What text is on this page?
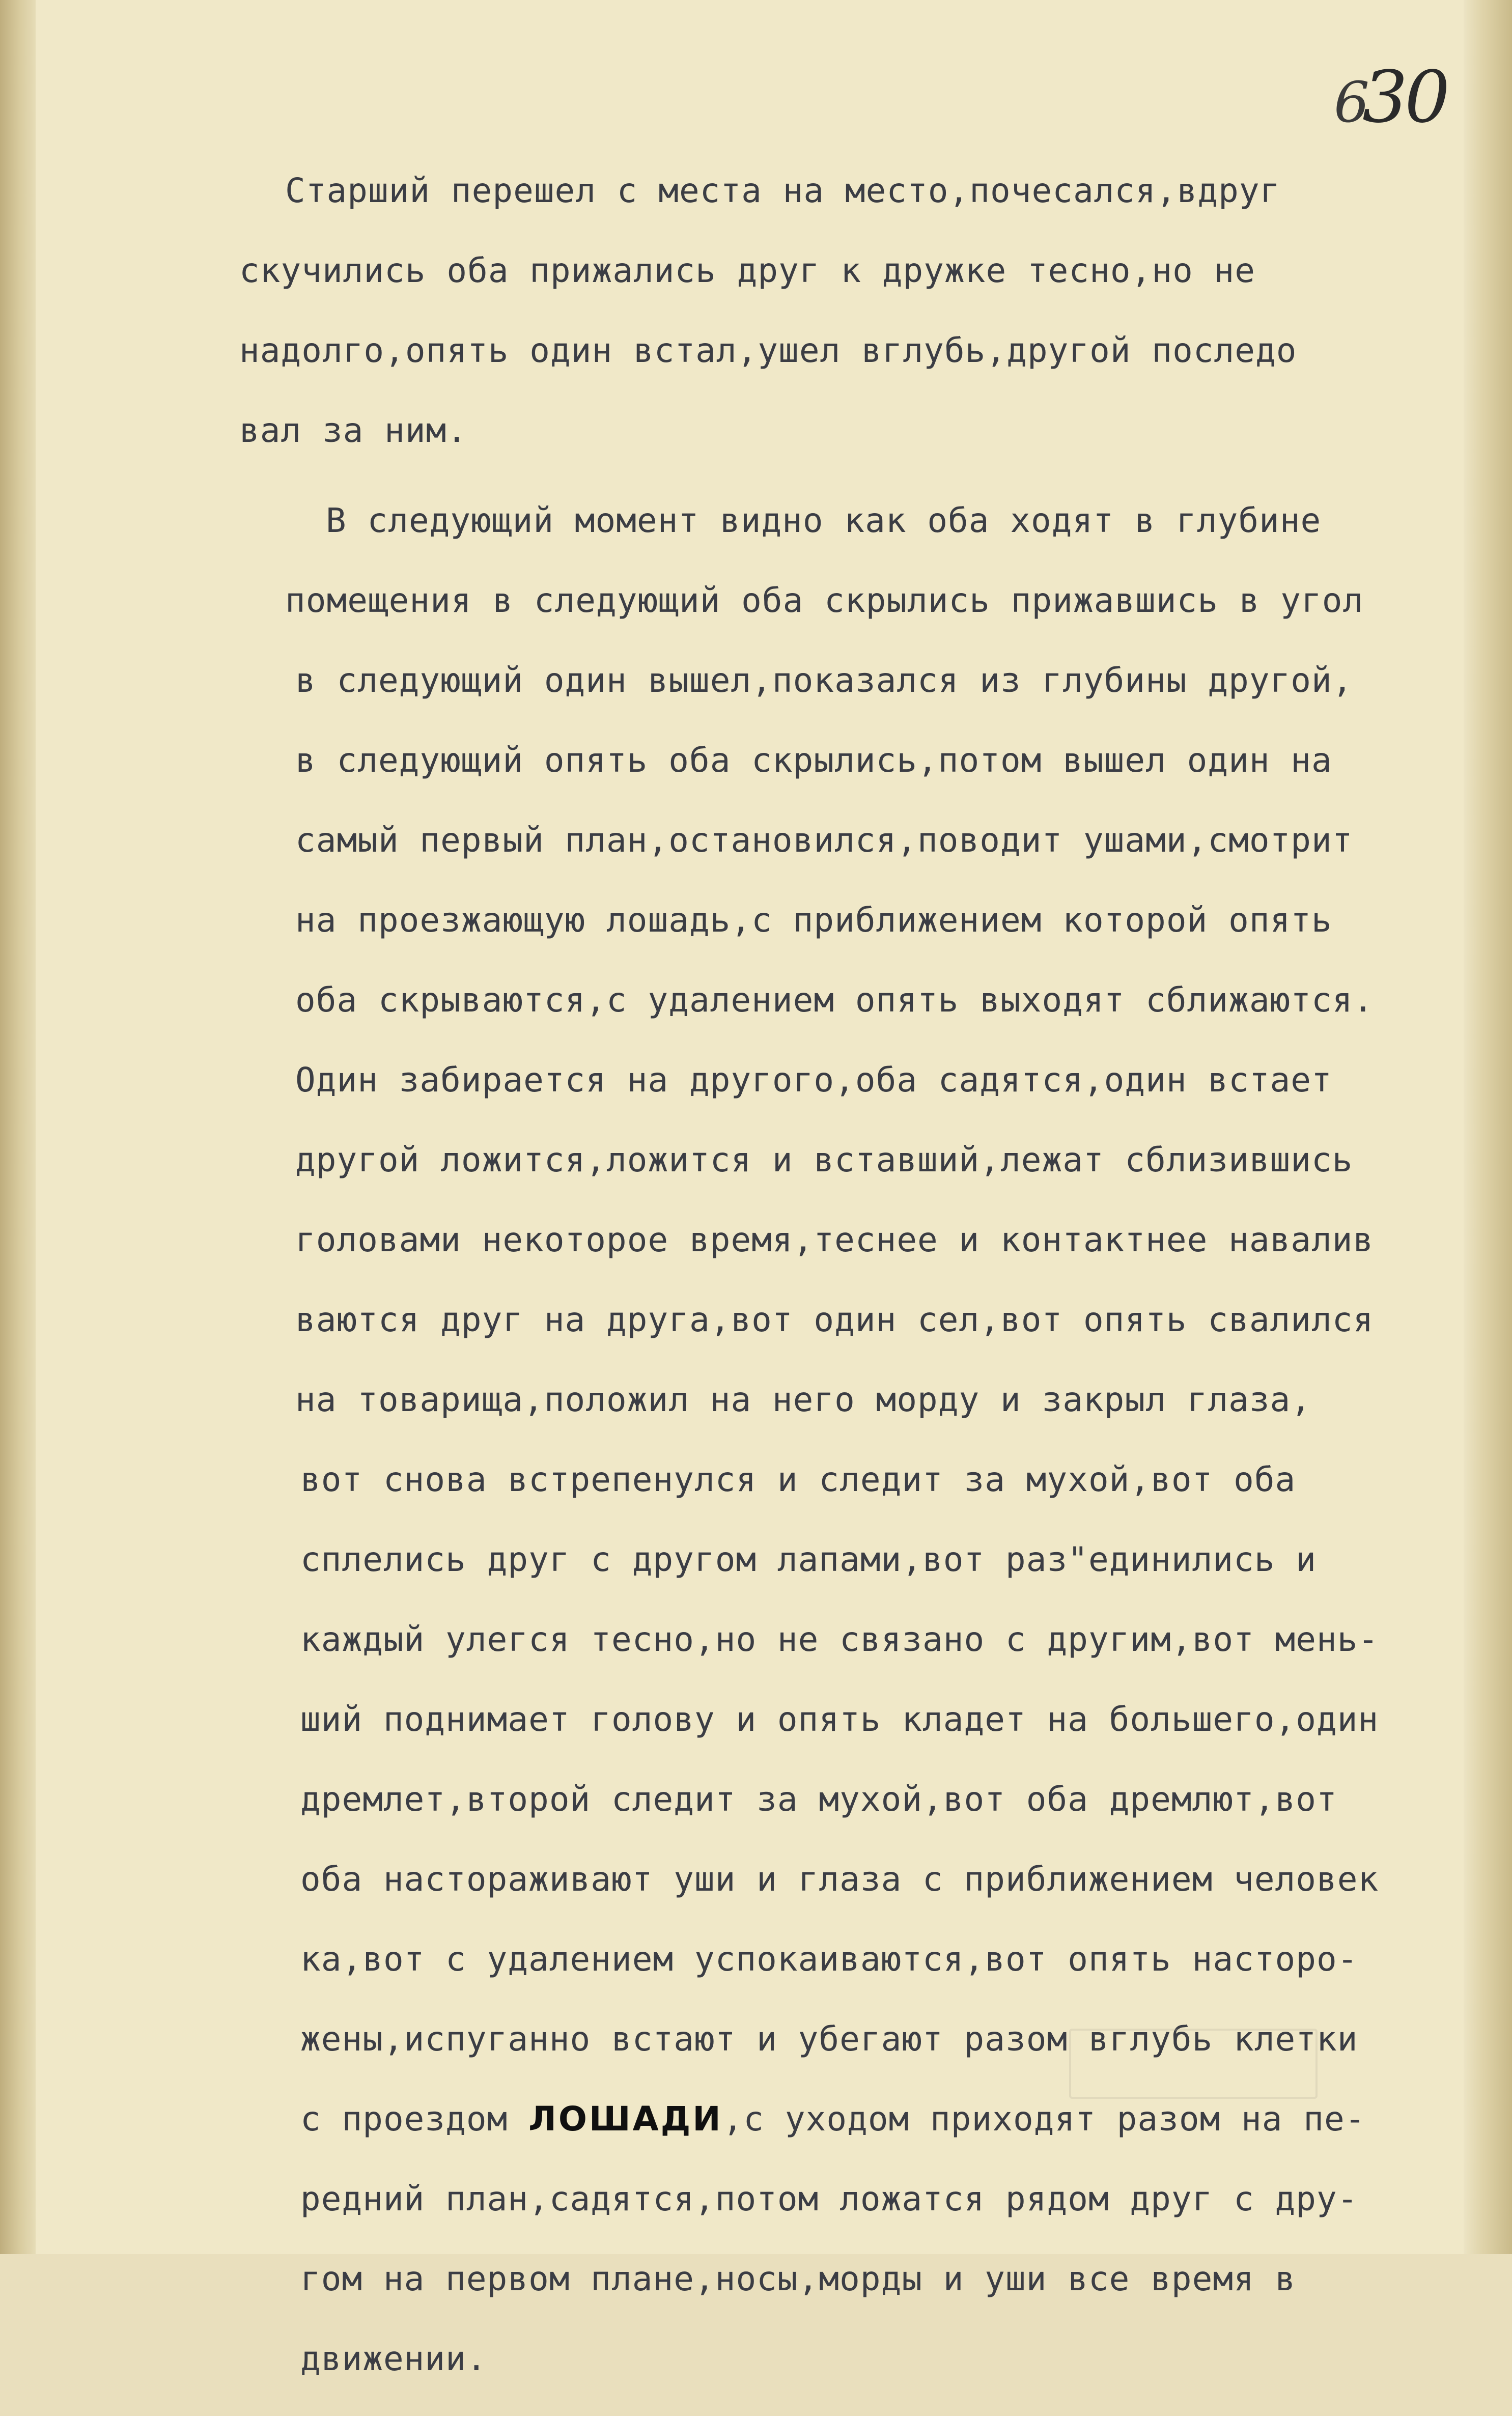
630
Старший перешел с места на место,почесался,вдруг
скучились оба прижались друг к дружке тесно,но не
надолго,опять один встал,ушел вглубь,другой последо
вал за ним.
В следующий момент видно как оба ходят в глубине
помещения в следующий оба скрылись прижавшись в угол
в следующий один вышел,показался из глубины другой,
в следующий опять оба скрылись,потом вышел один на
самый первый план,остановился,поводит ушами,смотрит
на проезжающую лошадь,с приближением которой опять
оба скрываются,с удалением опять выходят сближаются.
Один забирается на другого,оба садятся,один встает
другой ложится,ложится и вставший,лежат сблизившись
головами некоторое время,теснее и контактнее навалив
ваются друг на друга,вот один сел,вот опять свалился
на товарища,положил на него морду и закрыл глаза,
вот снова встрепенулся и следит за мухой,вот оба
сплелись друг с другом лапами,вот раз"единились и
каждый улегся тесно,но не связано с другим,вот мень-
ший поднимает голову и опять кладет на большего,один
дремлет,второй следит за мухой,вот оба дремлют,вот
оба настораживают уши и глаза с приближением человек
ка,вот с удалением успокаиваются,вот опять насторо-
жены,испуганно встают и убегают разом вглубь клетки
с проездом ЛОШАДИ,с уходом приходят разом на пе-
редний план,садятся,потом ложатся рядом друг с дру-
гом на первом плане,носы,морды и уши все время в
движении.
